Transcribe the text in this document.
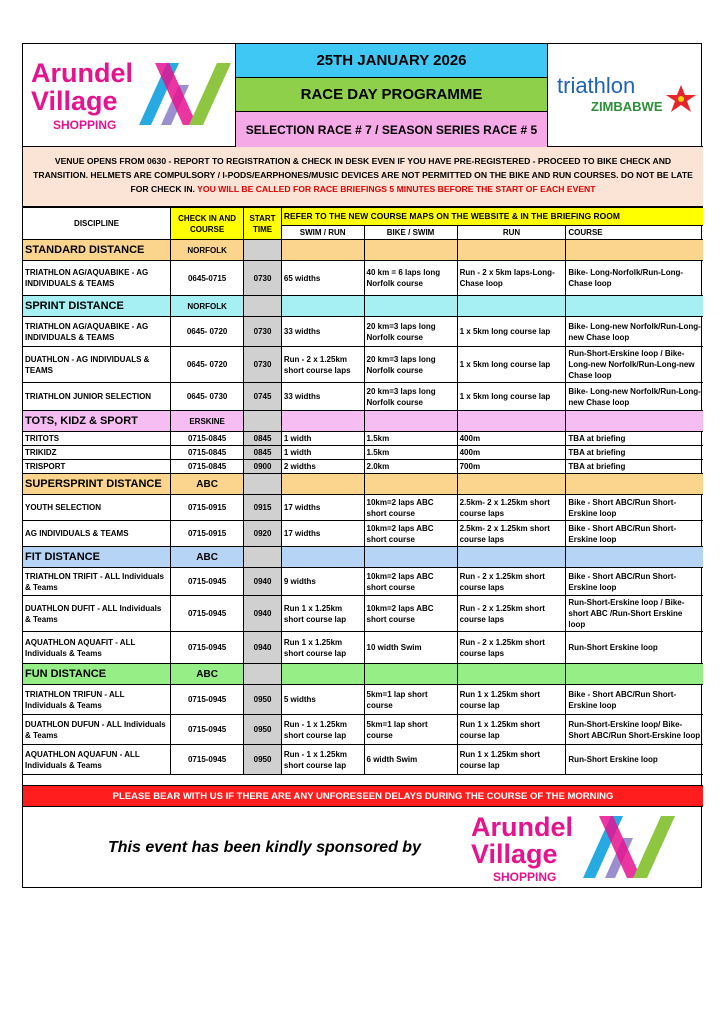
Arundel
Village
SHOPPING
25TH JANUARY 2026
RACE DAY PROGRAMME
SELECTION RACE # 7 / SEASON SERIES RACE # 5
triathlon
ZIMBABWE
VENUE OPENS FROM 0630 - REPORT TO REGISTRATION & CHECK IN DESK EVEN IF YOU HAVE PRE-REGISTERED - PROCEED TO BIKE CHECK AND TRANSITION. HELMETS ARE COMPULSORY / I-PODS/EARPHONES/MUSIC DEVICES ARE NOT PERMITTED ON THE BIKE AND RUN COURSES. DO NOT BE LATE FOR CHECK IN. YOU WILL BE CALLED FOR RACE BRIEFINGS 5 MINUTES BEFORE THE START OF EACH EVENT
DISCIPLINE	CHECK IN AND COURSE	START TIME	REFER TO THE NEW COURSE MAPS ON THE WEBSITE & IN THE BRIEFING ROOM			
			SWIM / RUN	BIKE / SWIM	RUN	COURSE
STANDARD DISTANCE	NORFOLK					
TRIATHLON AG/AQUABIKE - AG INDIVIDUALS & TEAMS	0645-0715	0730	65 widths	40 km = 6 laps long Norfolk course	Run - 2 x 5km laps-Long-Chase loop	Bike- Long-Norfolk/Run-Long-Chase loop
SPRINT DISTANCE	NORFOLK					
TRIATHLON AG/AQUABIKE - AG INDIVIDUALS & TEAMS	0645- 0720	0730	33 widths	20 km=3 laps long Norfolk course	1 x 5km long course lap	Bike- Long-new Norfolk/Run-Long-new Chase loop
DUATHLON - AG INDIVIDUALS & TEAMS	0645- 0720	0730	Run - 2 x 1.25km short course laps	20 km=3 laps long Norfolk course	1 x 5km long course lap	Run-Short-Erskine loop / Bike- Long-new Norfolk/Run-Long-new Chase loop
TRIATHLON JUNIOR SELECTION	0645- 0730	0745	33 widths	20 km=3 laps long Norfolk course	1 x 5km long course lap	Bike- Long-new Norfolk/Run-Long-new Chase loop
TOTS, KIDZ & SPORT	ERSKINE					
TRITOTS	0715-0845	0845	1 width	1.5km	400m	TBA at briefing
TRIKIDZ	0715-0845	0845	1 width	1.5km	400m	TBA at briefing
TRISPORT	0715-0845	0900	2 widths	2.0km	700m	TBA at briefing
SUPERSPRINT DISTANCE	ABC					
YOUTH SELECTION	0715-0915	0915	17 widths	10km=2 laps ABC short course	2.5km- 2 x 1.25km short course laps	Bike - Short ABC/Run Short-Erskine loop
AG INDIVIDUALS & TEAMS	0715-0915	0920	17 widths	10km=2 laps ABC short course	2.5km- 2 x 1.25km short course laps	Bike - Short ABC/Run Short-Erskine loop
FIT DISTANCE	ABC					
TRIATHLON TRIFIT - ALL Individuals & Teams	0715-0945	0940	9 widths	10km=2 laps ABC short course	Run - 2 x 1.25km short course laps	Bike - Short ABC/Run Short-Erskine loop
DUATHLON DUFIT - ALL Individuals & Teams	0715-0945	0940	Run 1 x 1.25km short course lap	10km=2 laps ABC short course	Run - 2 x 1.25km short course laps	Run-Short-Erskine loop / Bike-short ABC /Run-Short Erskine loop
AQUATHLON AQUAFIT - ALL Individuals & Teams	0715-0945	0940	Run 1 x 1.25km short course lap	10 width Swim	Run - 2 x 1.25km short course laps	Run-Short Erskine loop
FUN DISTANCE	ABC					
TRIATHLON TRIFUN - ALL Individuals & Teams	0715-0945	0950	5 widths	5km=1 lap short course	Run 1 x 1.25km short course lap	Bike - Short ABC/Run Short-Erskine loop
DUATHLON DUFUN - ALL Individuals & Teams	0715-0945	0950	Run - 1 x 1.25km short course lap	5km=1 lap short course	Run 1 x 1.25km short course lap	Run-Short-Erskine loop/ Bike-Short ABC/Run Short-Erskine loop
AQUATHLON AQUAFUN - ALL Individuals & Teams	0715-0945	0950	Run - 1 x 1.25km short course lap	6 width Swim	Run 1 x 1.25km short course lap	Run-Short Erskine loop
PLEASE BEAR WITH US IF THERE ARE ANY UNFORESEEN DELAYS DURING THE COURSE OF THE MORNING
This event has been kindly sponsored by
Arundel
Village
SHOPPING
